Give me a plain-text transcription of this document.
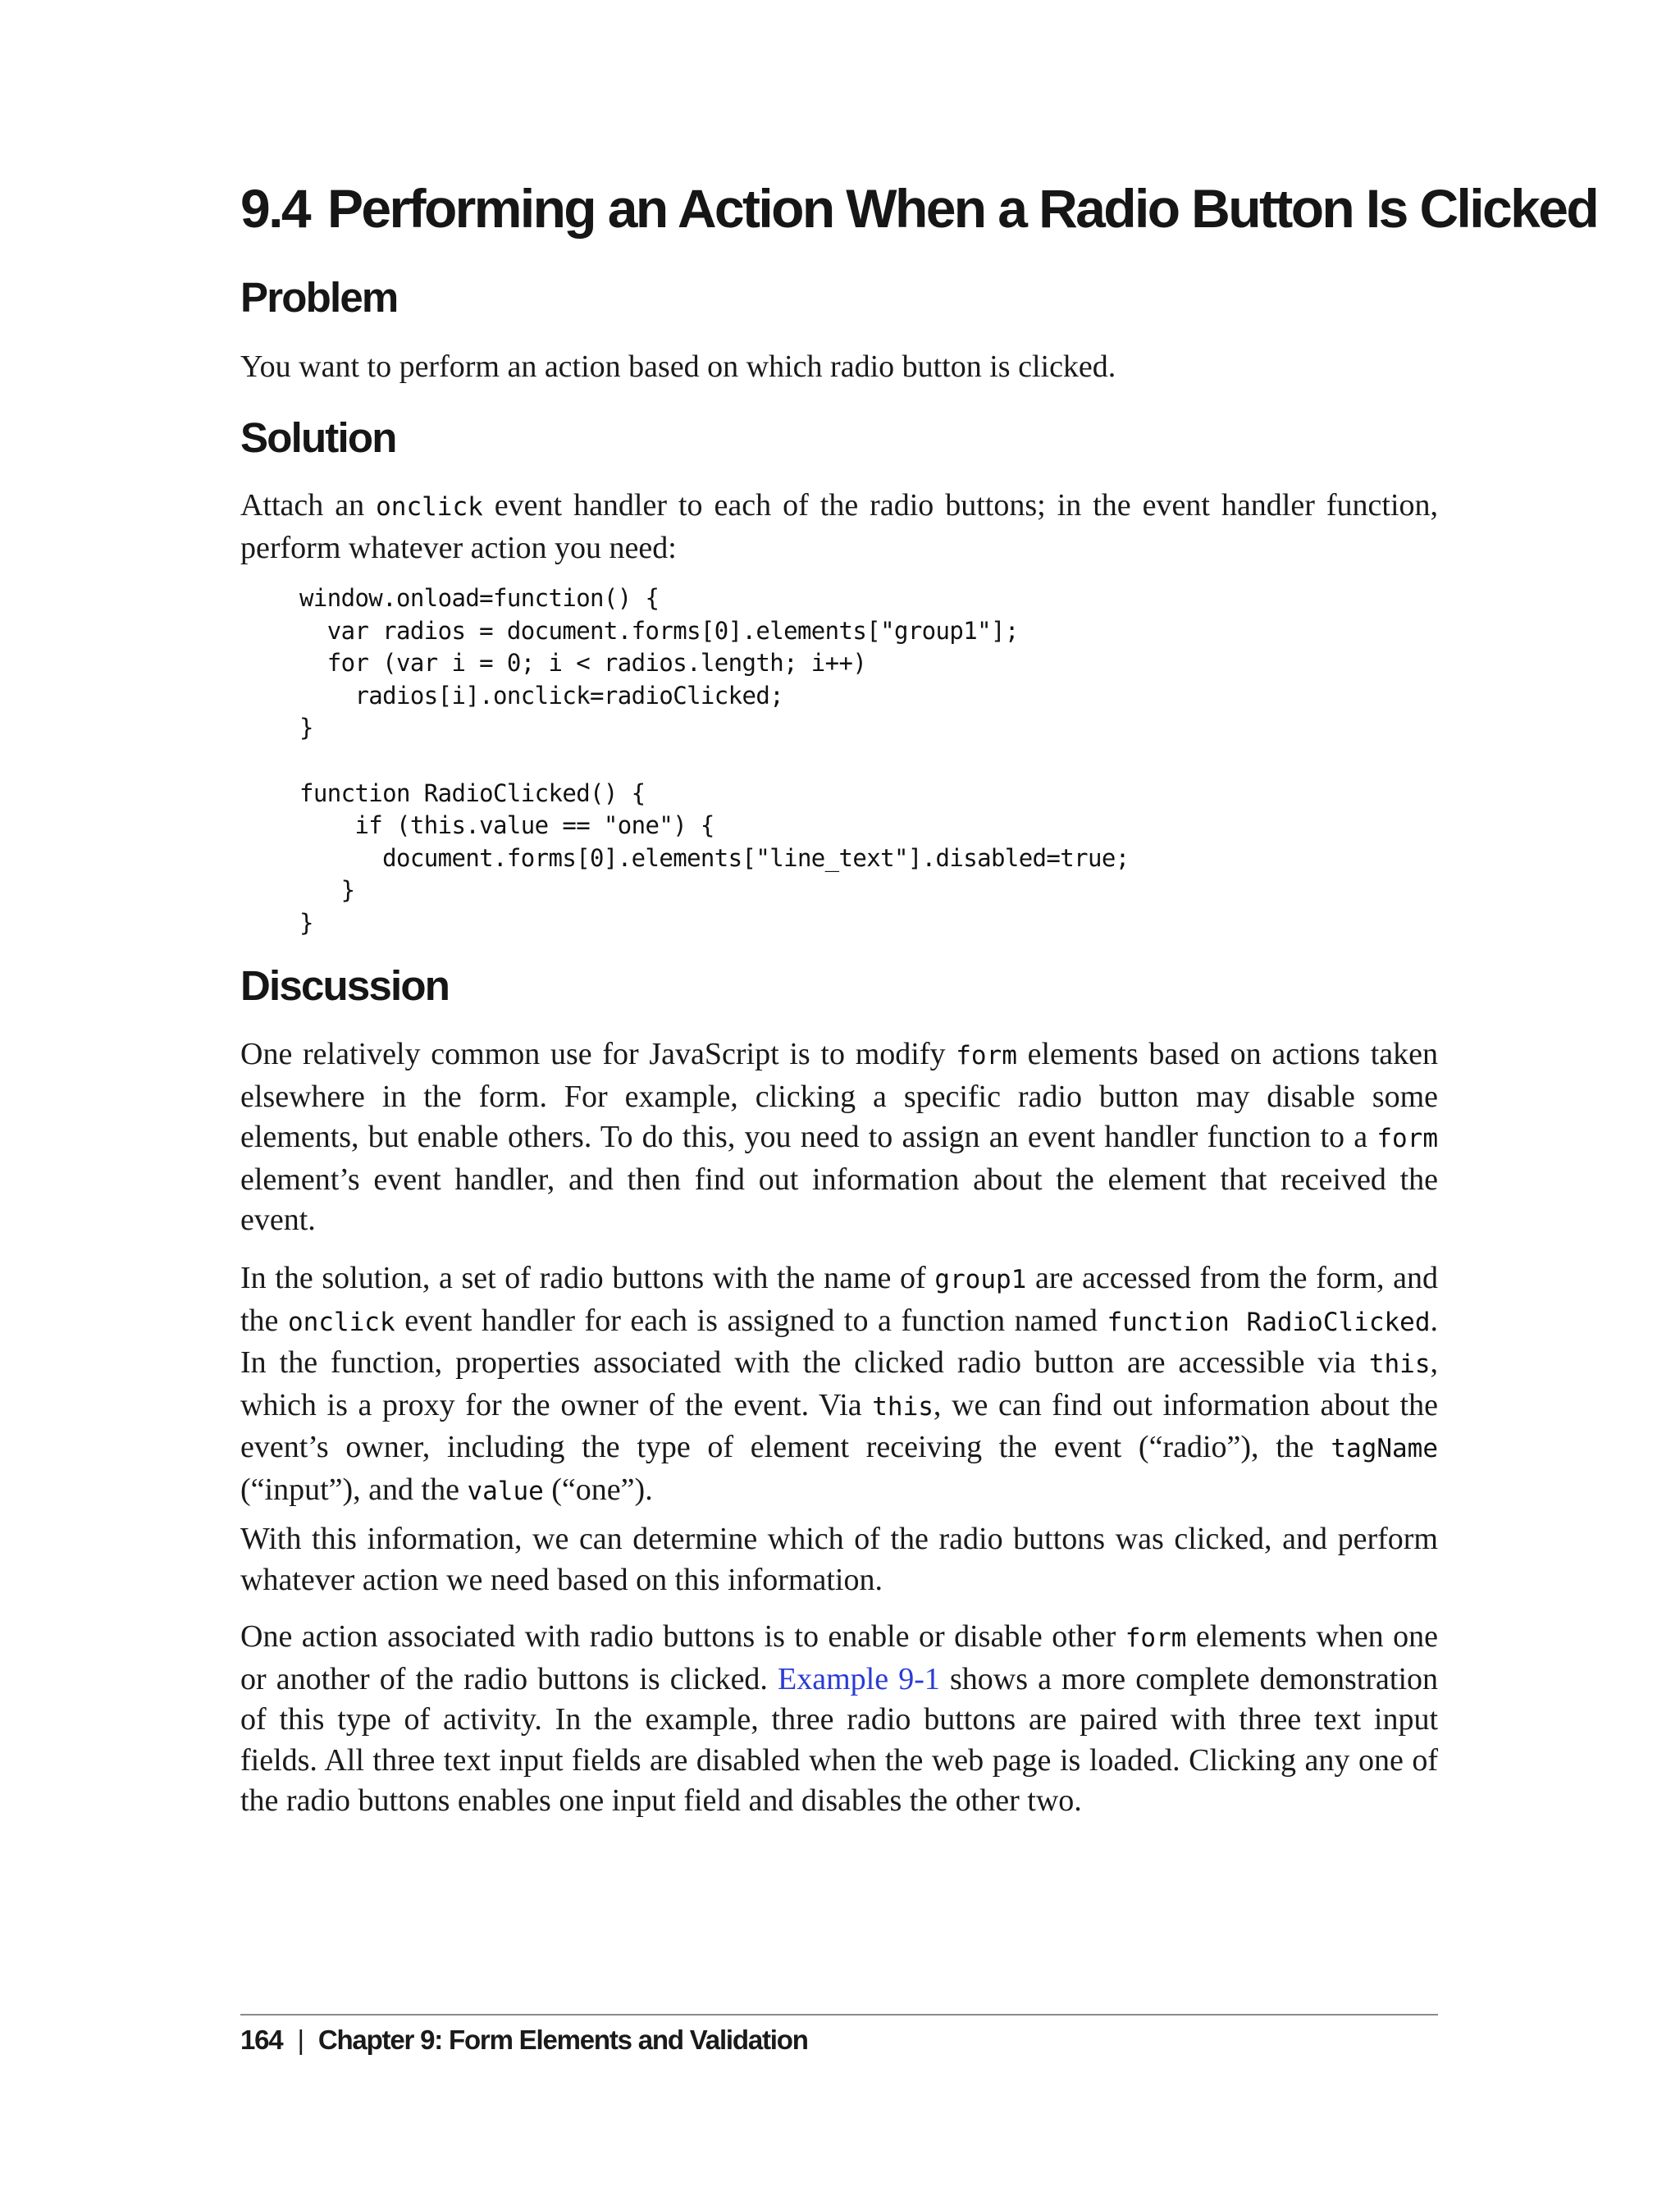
9.4 Performing an Action When a Radio Button Is Clicked
Problem

You want to perform an action based on which radio button is clicked.

Solution

Attach an onclick event handler to each of the radio buttons; in the event handler function, perform whatever action you need:

window.onload=function() {
var radios = document.forms[0].elements["group1"];
for (var i = 0; i < radios.length; i++)
radios[i].onclick=radioClicked;
}

function RadioClicked() {
if (this.value == "one") {
document.forms[0].elements["line_text"].disabled=true;
}
}
Discussion

One relatively common use for JavaScript is to modify form elements based on actions taken elsewhere in the form. For example, clicking a specific radio button may disable some elements, but enable others. To do this, you need to assign an event handler function to a form element’s event handler, and then find out information about the element that received the event.

In the solution, a set of radio buttons with the name of group1 are accessed from the form, and the onclick event handler for each is assigned to a function named function RadioClicked. In the function, properties associated with the clicked radio button are accessible via this, which is a proxy for the owner of the event. Via this, we can find out information about the event’s owner, including the type of element receiving the event (“radio”), the tagName (“input”), and the value (“one”).

With this information, we can determine which of the radio buttons was clicked, and perform whatever action we need based on this information.

One action associated with radio buttons is to enable or disable other form elements when one or another of the radio buttons is clicked. Example 9-1 shows a more complete demonstration of this type of activity. In the example, three radio buttons are paired with three text input fields. All three text input fields are disabled when the web page is loaded. Clicking any one of the radio buttons enables one input field and disables the other two.

164 | Chapter 9: Form Elements and Validation
